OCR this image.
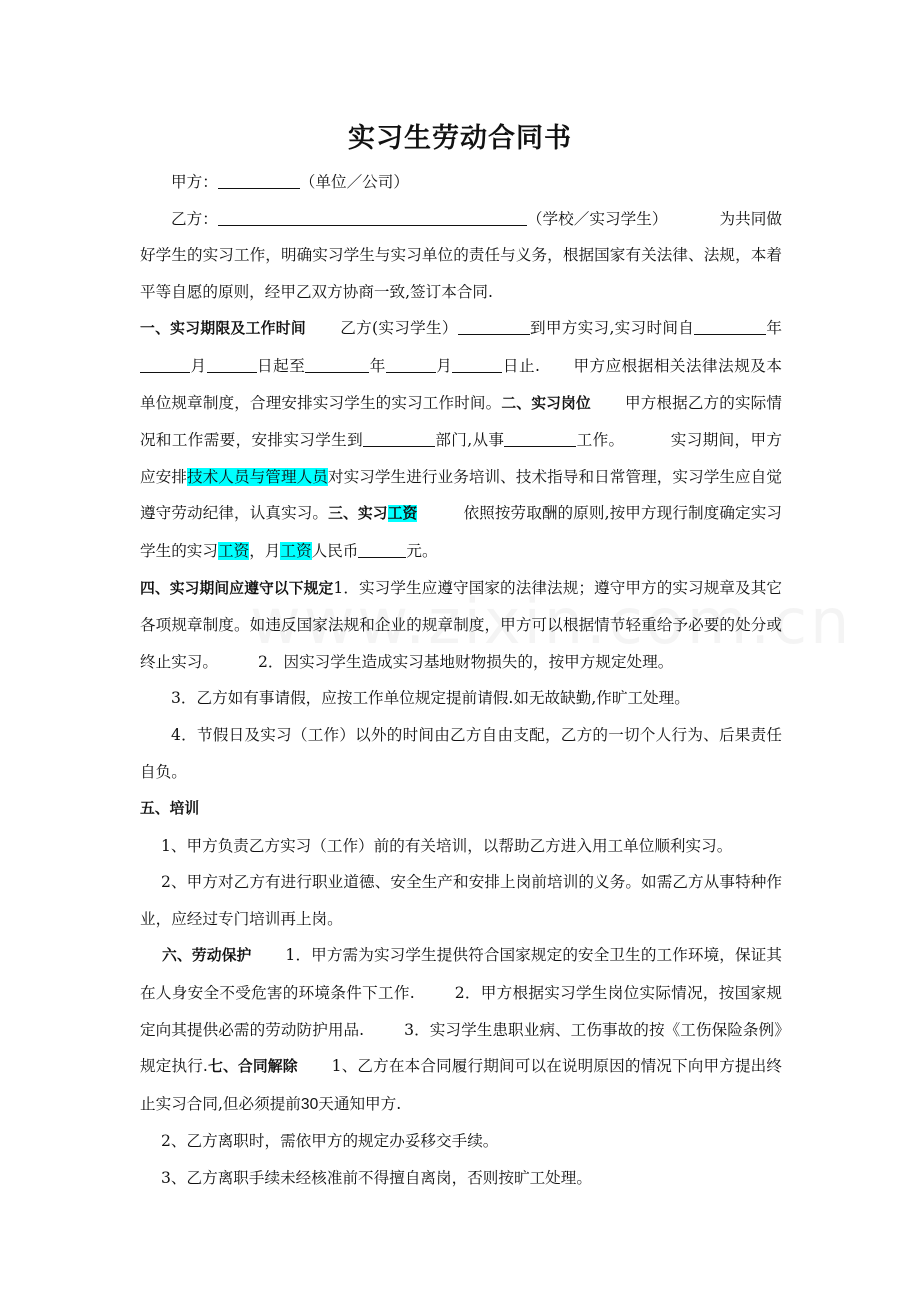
实习生劳动合同书

甲方：	（单位／公司）

乙方：	（学校／实习学生）	为共同做好学生的实习工作，明确实习学生与实习单位的责任与义务，根据国家有关法律、法规，本着平等自愿的原则，经甲乙双方协商一致,签订本合同.

一、实习期限及工作时间 乙方(实习学生）	到甲方实习,实习时间自	年月	日起至	年	月	日止. 甲方应根据相关法律法规及本单位规章制度，合理安排实习学生的实习工作时间。二、实习岗位 甲方根据乙方的实际情况和工作需要，安排实习学生到	部门,从事	工作。	实习期间，甲方应安排技术人员与管理人员对实习学生进行业务培训、技术指导和日常管理，实习学生应自觉遵守劳动纪律，认真实习。三、实习工资	依照按劳取酬的原则,按甲方现行制度确定实习学生的实习工资，月工资人民币	元。

四、实习期间应遵守以下规定1．实习学生应遵守国家的法律法规；遵守甲方的实习规章及其它各项规章制度。如违反国家法规和企业的规章制度，甲方可以根据情节轻重给予必要的处分或终止实习。	2．因实习学生造成实习基地财物损失的，按甲方规定处理。

3．乙方如有事请假，应按工作单位规定提前请假.如无故缺勤,作旷工处理。

4．节假日及实习（工作）以外的时间由乙方自由支配，乙方的一切个人行为、后果责任自负。

五、培训

1、甲方负责乙方实习（工作）前的有关培训，以帮助乙方进入用工单位顺利实习。

2、甲方对乙方有进行职业道德、安全生产和安排上岗前培训的义务。如需乙方从事特种作业，应经过专门培训再上岗。

六、劳动保护 1．甲方需为实习学生提供符合国家规定的安全卫生的工作环境，保证其在人身安全不受危害的环境条件下工作.	2．甲方根据实习学生岗位实际情况，按国家规定向其提供必需的劳动防护用品.	3．实习学生患职业病、工伤事故的按《工伤保险条例》规定执行.七、合同解除 1、乙方在本合同履行期间可以在说明原因的情况下向甲方提出终止实习合同,但必须提前30天通知甲方.

2、乙方离职时，需依甲方的规定办妥移交手续。

3、乙方离职手续未经核准前不得擅自离岗，否则按旷工处理。
